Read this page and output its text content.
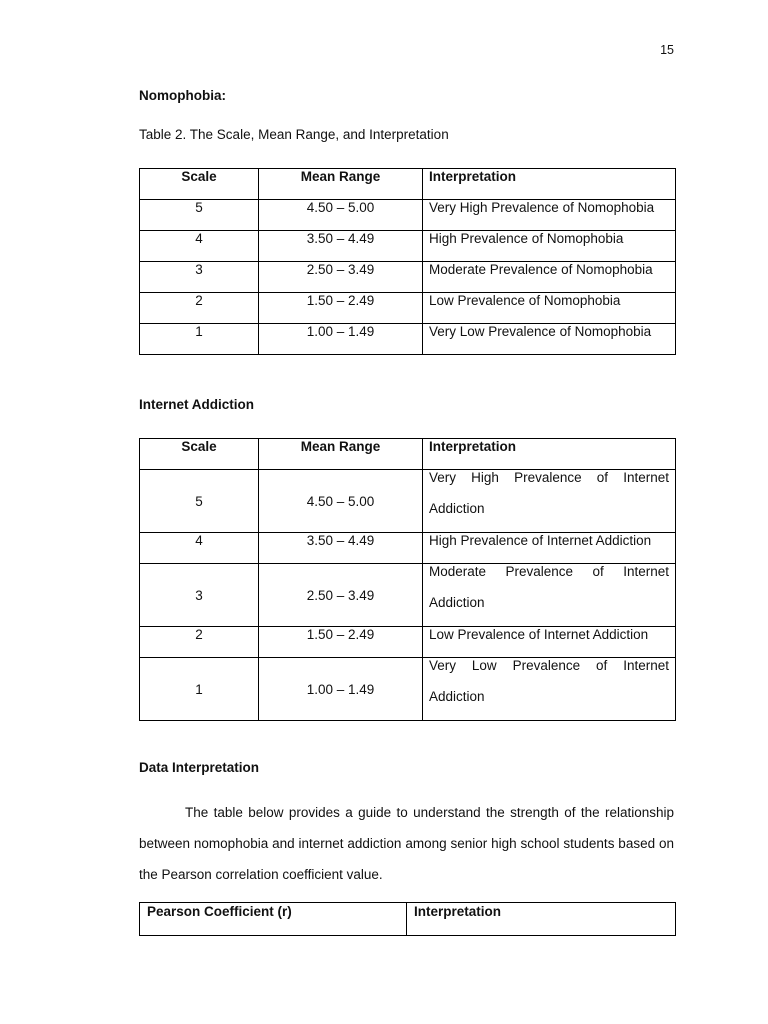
15
Nomophobia:
Table 2. The Scale, Mean Range, and Interpretation
Scale	Mean Range	Interpretation
5	4.50 – 5.00	Very High Prevalence of Nomophobia
4	3.50 – 4.49	High Prevalence of Nomophobia
3	2.50 – 3.49	Moderate Prevalence of Nomophobia
2	1.50 – 2.49	Low Prevalence of Nomophobia
1	1.00 – 1.49	Very Low Prevalence of Nomophobia
Internet Addiction
Scale	Mean Range	Interpretation
5	4.50 – 5.00	Very High Prevalence of Internet Addiction

4	3.50 – 4.49	High Prevalence of Internet Addiction
3	2.50 – 3.49	Moderate Prevalence of Internet Addiction

2	1.50 – 2.49	Low Prevalence of Internet Addiction
1	1.00 – 1.49	Very Low Prevalence of Internet Addiction
Data Interpretation
The table below provides a guide to understand the strength of the relationship between nomophobia and internet addiction among senior high school students based on the Pearson correlation coefficient value.
Pearson Coefficient (r)	Interpretation
